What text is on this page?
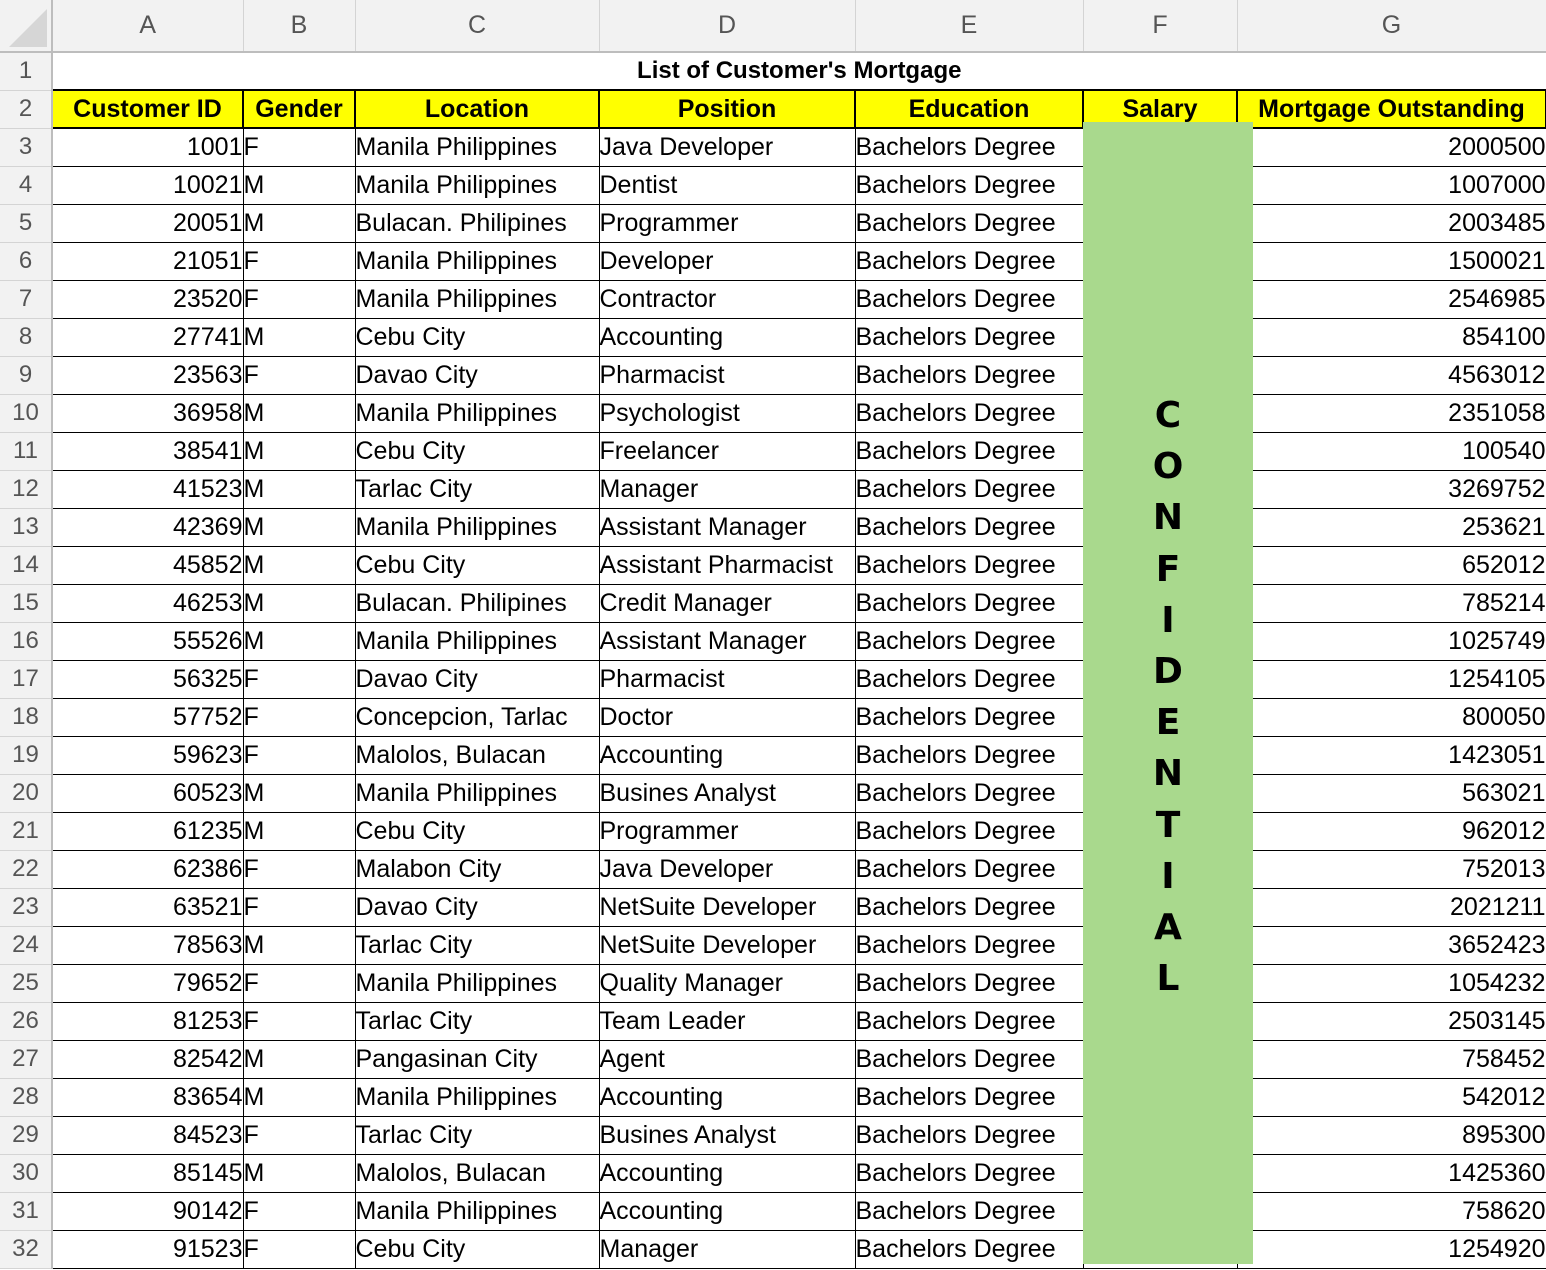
	A	B	C	D	E	F	G
1	List of Customer's Mortgage						
2	Customer ID	Gender	Location	Position	Education	Salary	Mortgage Outstanding
3	1001	F	Manila Philippines	Java Developer	Bachelors Degree		2000500
4	10021	M	Manila Philippines	Dentist	Bachelors Degree		1007000
5	20051	M	Bulacan. Philipines	Programmer	Bachelors Degree		2003485
6	21051	F	Manila Philippines	Developer	Bachelors Degree		1500021
7	23520	F	Manila Philippines	Contractor	Bachelors Degree		2546985
8	27741	M	Cebu City	Accounting	Bachelors Degree		854100
9	23563	F	Davao City	Pharmacist	Bachelors Degree		4563012
10	36958	M	Manila Philippines	Psychologist	Bachelors Degree		2351058
11	38541	M	Cebu City	Freelancer	Bachelors Degree		100540
12	41523	M	Tarlac City	Manager	Bachelors Degree		3269752
13	42369	M	Manila Philippines	Assistant Manager	Bachelors Degree		253621
14	45852	M	Cebu City	Assistant Pharmacist	Bachelors Degree		652012
15	46253	M	Bulacan. Philipines	Credit Manager	Bachelors Degree		785214
16	55526	M	Manila Philippines	Assistant Manager	Bachelors Degree		1025749
17	56325	F	Davao City	Pharmacist	Bachelors Degree		1254105
18	57752	F	Concepcion, Tarlac	Doctor	Bachelors Degree		800050
19	59623	F	Malolos, Bulacan	Accounting	Bachelors Degree		1423051
20	60523	M	Manila Philippines	Busines Analyst	Bachelors Degree		563021
21	61235	M	Cebu City	Programmer	Bachelors Degree		962012
22	62386	F	Malabon City	Java Developer	Bachelors Degree		752013
23	63521	F	Davao City	NetSuite Developer	Bachelors Degree		2021211
24	78563	M	Tarlac City	NetSuite Developer	Bachelors Degree		3652423
25	79652	F	Manila Philippines	Quality Manager	Bachelors Degree		1054232
26	81253	F	Tarlac City	Team Leader	Bachelors Degree		2503145
27	82542	M	Pangasinan City	Agent	Bachelors Degree		758452
28	83654	M	Manila Philippines	Accounting	Bachelors Degree		542012
29	84523	F	Tarlac City	Busines Analyst	Bachelors Degree		895300
30	85145	M	Malolos, Bulacan	Accounting	Bachelors Degree		1425360
31	90142	F	Manila Philippines	Accounting	Bachelors Degree		758620
32	91523	F	Cebu City	Manager	Bachelors Degree		1254920
C
O
N
F
I
D
E
N
T
I
A
L
